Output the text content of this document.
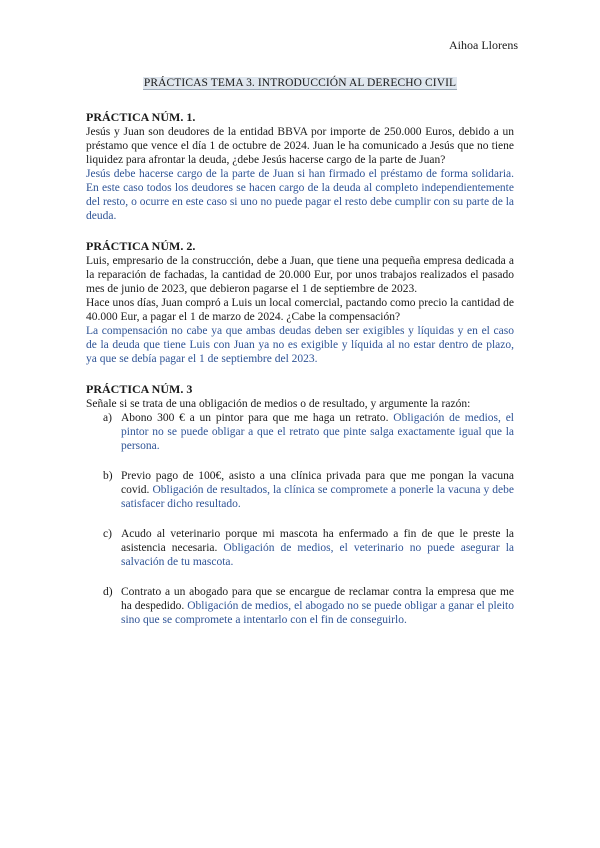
Aihoa Llorens
PRÁCTICAS TEMA 3. INTRODUCCIÓN AL DERECHO CIVIL
PRÁCTICA NÚM. 1.

Jesús y Juan son deudores de la entidad BBVA por importe de 250.000 Euros, debido a un préstamo que vence el día 1 de octubre de 2024. Juan le ha comunicado a Jesús que no tiene liquidez para afrontar la deuda, ¿debe Jesús hacerse cargo de la parte de Juan?

Jesús debe hacerse cargo de la parte de Juan si han firmado el préstamo de forma solidaria. En este caso todos los deudores se hacen cargo de la deuda al completo independientemente del resto, o ocurre en este caso si uno no puede pagar el resto debe cumplir con su parte de la deuda.

PRÁCTICA NÚM. 2.

Luis, empresario de la construcción, debe a Juan, que tiene una pequeña empresa dedicada a la reparación de fachadas, la cantidad de 20.000 Eur, por unos trabajos realizados el pasado mes de junio de 2023, que debieron pagarse el 1 de septiembre de 2023.

Hace unos días, Juan compró a Luis un local comercial, pactando como precio la cantidad de 40.000 Eur, a pagar el 1 de marzo de 2024. ¿Cabe la compensación?

La compensación no cabe ya que ambas deudas deben ser exigibles y líquidas y en el caso de la deuda que tiene Luis con Juan ya no es exigible y líquida al no estar dentro de plazo, ya que se debía pagar el 1 de septiembre del 2023.

PRÁCTICA NÚM. 3

Señale si se trata de una obligación de medios o de resultado, y argumente la razón:

a) Abono 300 € a un pintor para que me haga un retrato. Obligación de medios, el pintor no se puede obligar a que el retrato que pinte salga exactamente igual que la persona.
b) Previo pago de 100€, asisto a una clínica privada para que me pongan la vacuna covid. Obligación de resultados, la clínica se compromete a ponerle la vacuna y debe satisfacer dicho resultado.
c) Acudo al veterinario porque mi mascota ha enfermado a fin de que le preste la asistencia necesaria. Obligación de medios, el veterinario no puede asegurar la salvación de tu mascota.
d) Contrato a un abogado para que se encargue de reclamar contra la empresa que me ha despedido. Obligación de medios, el abogado no se puede obligar a ganar el pleito sino que se compromete a intentarlo con el fin de conseguirlo.
